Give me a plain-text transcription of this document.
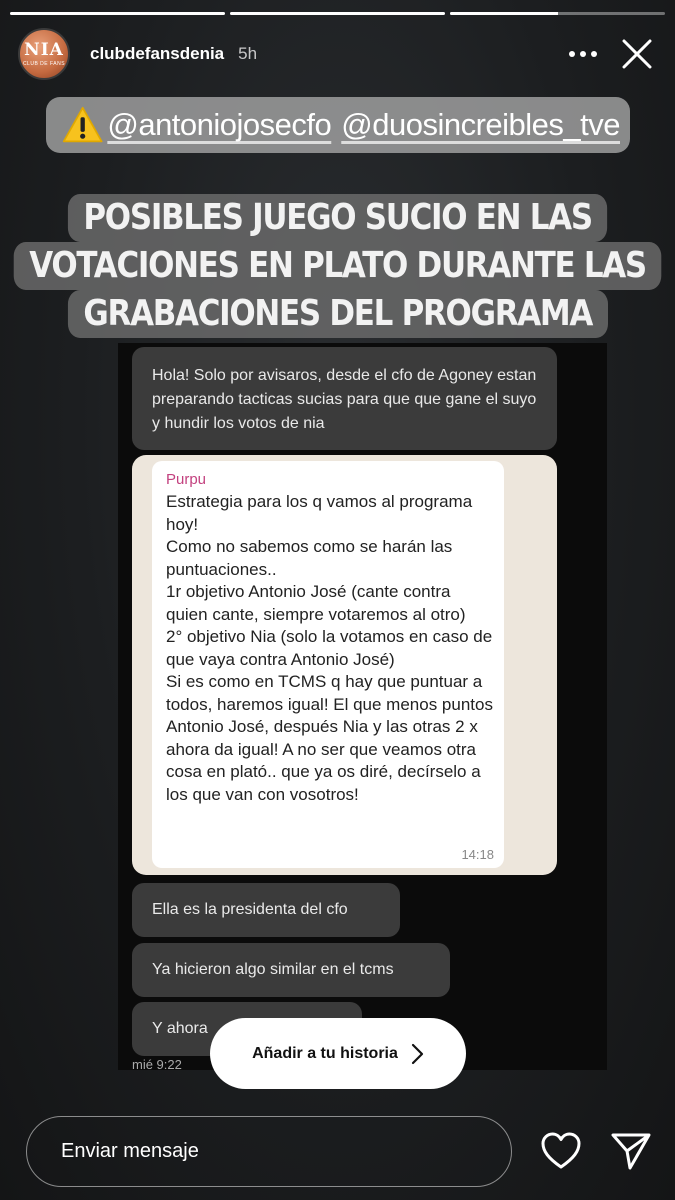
NIA
CLUB DE FANS
clubdefansdenia 5h
@antoniojosecfo @duosincreibles_tve
POSIBLES JUEGO SUCIO EN LAS
VOTACIONES EN PLATO DURANTE LAS
GRABACIONES DEL PROGRAMA
Hola! Solo por avisaros, desde el cfo de Agoney estan preparando tacticas sucias para que que gane el suyo y hundir los votos de nia
Purpu
Estrategia para los q vamos al programa hoy!
Como no sabemos como se harán las puntuaciones..
1r objetivo Antonio José (cante contra quien cante, siempre votaremos al otro)
2° objetivo Nia (solo la votamos en caso de que vaya contra Antonio José)
Si es como en TCMS q hay que puntuar a todos, haremos igual! El que menos puntos Antonio José, después Nia y las otras 2 x ahora da igual! A no ser que veamos otra cosa en plató.. que ya os diré, decírselo a los que van con vosotros!
14:18
Ella es la presidenta del cfo
Ya hicieron algo similar en el tcms
Y ahora
mié 9:22
Añadir a tu historia
Enviar mensaje
